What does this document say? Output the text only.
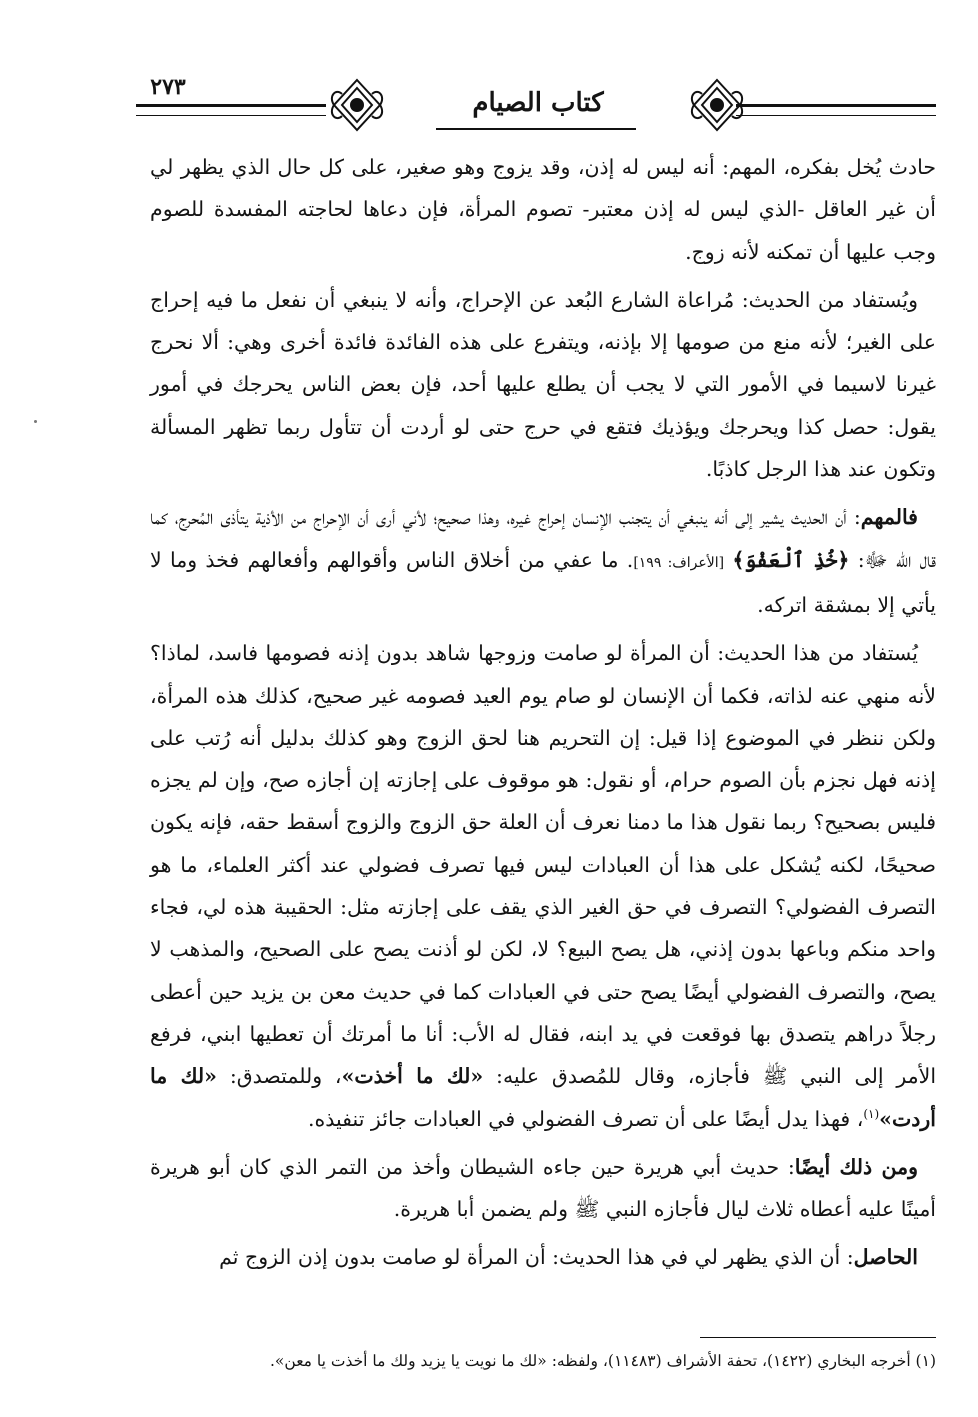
٢٧٣
كتاب الصيام

حادث يُخل بفكره، المهم: أنه ليس له إذن، وقد يزوج وهو صغير، على كل حال الذي يظهر لي أن غير العاقل -الذي ليس له إذن معتبر- تصوم المرأة، فإن دعاها لحاجته المفسدة للصوم وجب عليها أن تمكنه لأنه زوج.

ويُستفاد من الحديث: مُراعاة الشارع البُعد عن الإحراج، وأنه لا ينبغي أن نفعل ما فيه إحراج على الغير؛ لأنه منع من صومها إلا بإذنه، ويتفرع على هذه الفائدة فائدة أخرى وهي: ألا نحرج غيرنا لاسيما في الأمور التي لا يجب أن يطلع عليها أحد، فإن بعض الناس يحرجك في أمور يقول: حصل كذا ويحرجك ويؤذيك فتقع في حرج حتى لو أردت أن تتأول ربما تظهر المسألة وتكون عند هذا الرجل كاذبًا.

فالمهم: أن الحديث يشير إلى أنه ينبغي أن يتجنب الإنسان إحراج غيره، وهذا صحيح؛ لأني أرى أن الإحراج من الأذية يتأذى المُحرج، كما قال الله ﷻ: ﴿خُذِ ٱلْعَفْوَ﴾ [الأعراف: ١٩٩]. ما عفي من أخلاق الناس وأقوالهم وأفعالهم فخذ وما لا يأتي إلا بمشقة اتركه.

يُستفاد من هذا الحديث: أن المرأة لو صامت وزوجها شاهد بدون إذنه فصومها فاسد، لماذا؟ لأنه منهي عنه لذاته، فكما أن الإنسان لو صام يوم العيد فصومه غير صحيح، كذلك هذه المرأة، ولكن ننظر في الموضوع إذا قيل: إن التحريم هنا لحق الزوج وهو كذلك بدليل أنه رُتب على إذنه فهل نجزم بأن الصوم حرام، أو نقول: هو موقوف على إجازته إن أجازه صح، وإن لم يجزه فليس بصحيح؟ ربما نقول هذا ما دمنا نعرف أن العلة حق الزوج والزوج أسقط حقه، فإنه يكون صحيحًا، لكنه يُشكل على هذا أن العبادات ليس فيها تصرف فضولي عند أكثر العلماء، ما هو التصرف الفضولي؟ التصرف في حق الغير الذي يقف على إجازته مثل: الحقيبة هذه لي، فجاء واحد منكم وباعها بدون إذني، هل يصح البيع؟ لا، لكن لو أذنت يصح على الصحيح، والمذهب لا يصح، والتصرف الفضولي أيضًا يصح حتى في العبادات كما في حديث معن بن يزيد حين أعطى رجلاً دراهم يتصدق بها فوقعت في يد ابنه، فقال له الأب: أنا ما أمرتك أن تعطيها ابني، فرفع الأمر إلى النبي ﷺ فأجازه، وقال للمُصدق عليه: «لك ما أخذت»، وللمتصدق: «لك ما أردت»$^{(١)}$، فهذا يدل أيضًا على أن تصرف الفضولي في العبادات جائز تنفيذه.

ومن ذلك أيضًا: حديث أبي هريرة حين جاءه الشيطان وأخذ من التمر الذي كان أبو هريرة أمينًا عليه أعطاه ثلاث ليال فأجازه النبي ﷺ ولم يضمن أبا هريرة.

الحاصل: أن الذي يظهر لي في هذا الحديث: أن المرأة لو صامت بدون إذن الزوج ثم

(١) أخرجه البخاري (١٤٢٢)، تحفة الأشراف (١١٤٨٣)، ولفظه: «لك ما نويت يا يزيد ولك ما أخذت يا معن».
